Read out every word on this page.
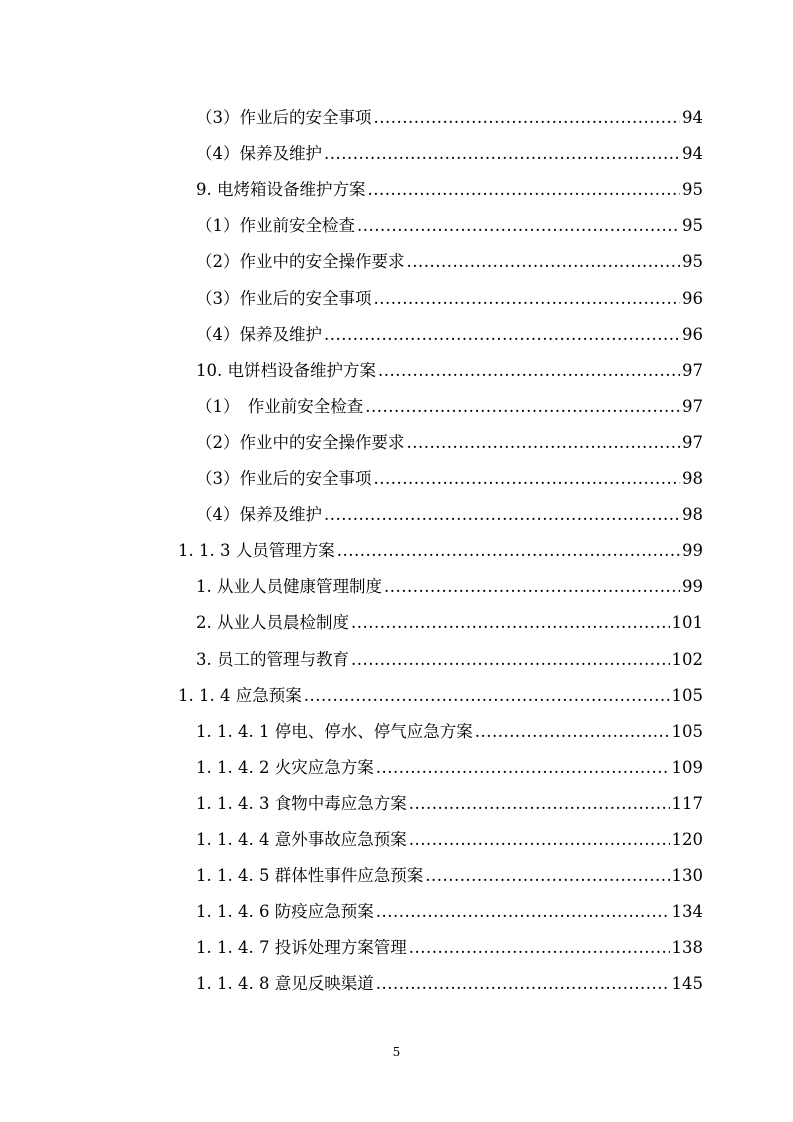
（3）作业后的安全事项 .....	94
（4）保养及维护 .....	94
9. 电烤箱设备维护方案 .....	95
（1）作业前安全检查 .....	95
（2）作业中的安全操作要求 .....	95
（3）作业后的安全事项 .....	96
（4）保养及维护 .....	96
10. 电饼档设备维护方案 .....	97
（1）　作业前安全检查 .....	97
（2）作业中的安全操作要求 .....	97
（3）作业后的安全事项 .....	98
（4）保养及维护 .....	98
1. 1. 3 人员管理方案 .....	99
1. 从业人员健康管理制度 .....	99
2. 从业人员晨检制度 .....	101
3. 员工的管理与教育 .....	102
1. 1. 4 应急预案 .....	105
1. 1. 4. 1 停电、停水、停气应急方案 .....	105
1. 1. 4. 2 火灾应急方案 .....	109
1. 1. 4. 3 食物中毒应急方案 .....	117
1. 1. 4. 4 意外事故应急预案 .....	120
1. 1. 4. 5 群体性事件应急预案 .....	130
1. 1. 4. 6 防疫应急预案 .....	134
1. 1. 4. 7 投诉处理方案管理 .....	138
1. 1. 4. 8 意见反映渠道 .....	145
5
